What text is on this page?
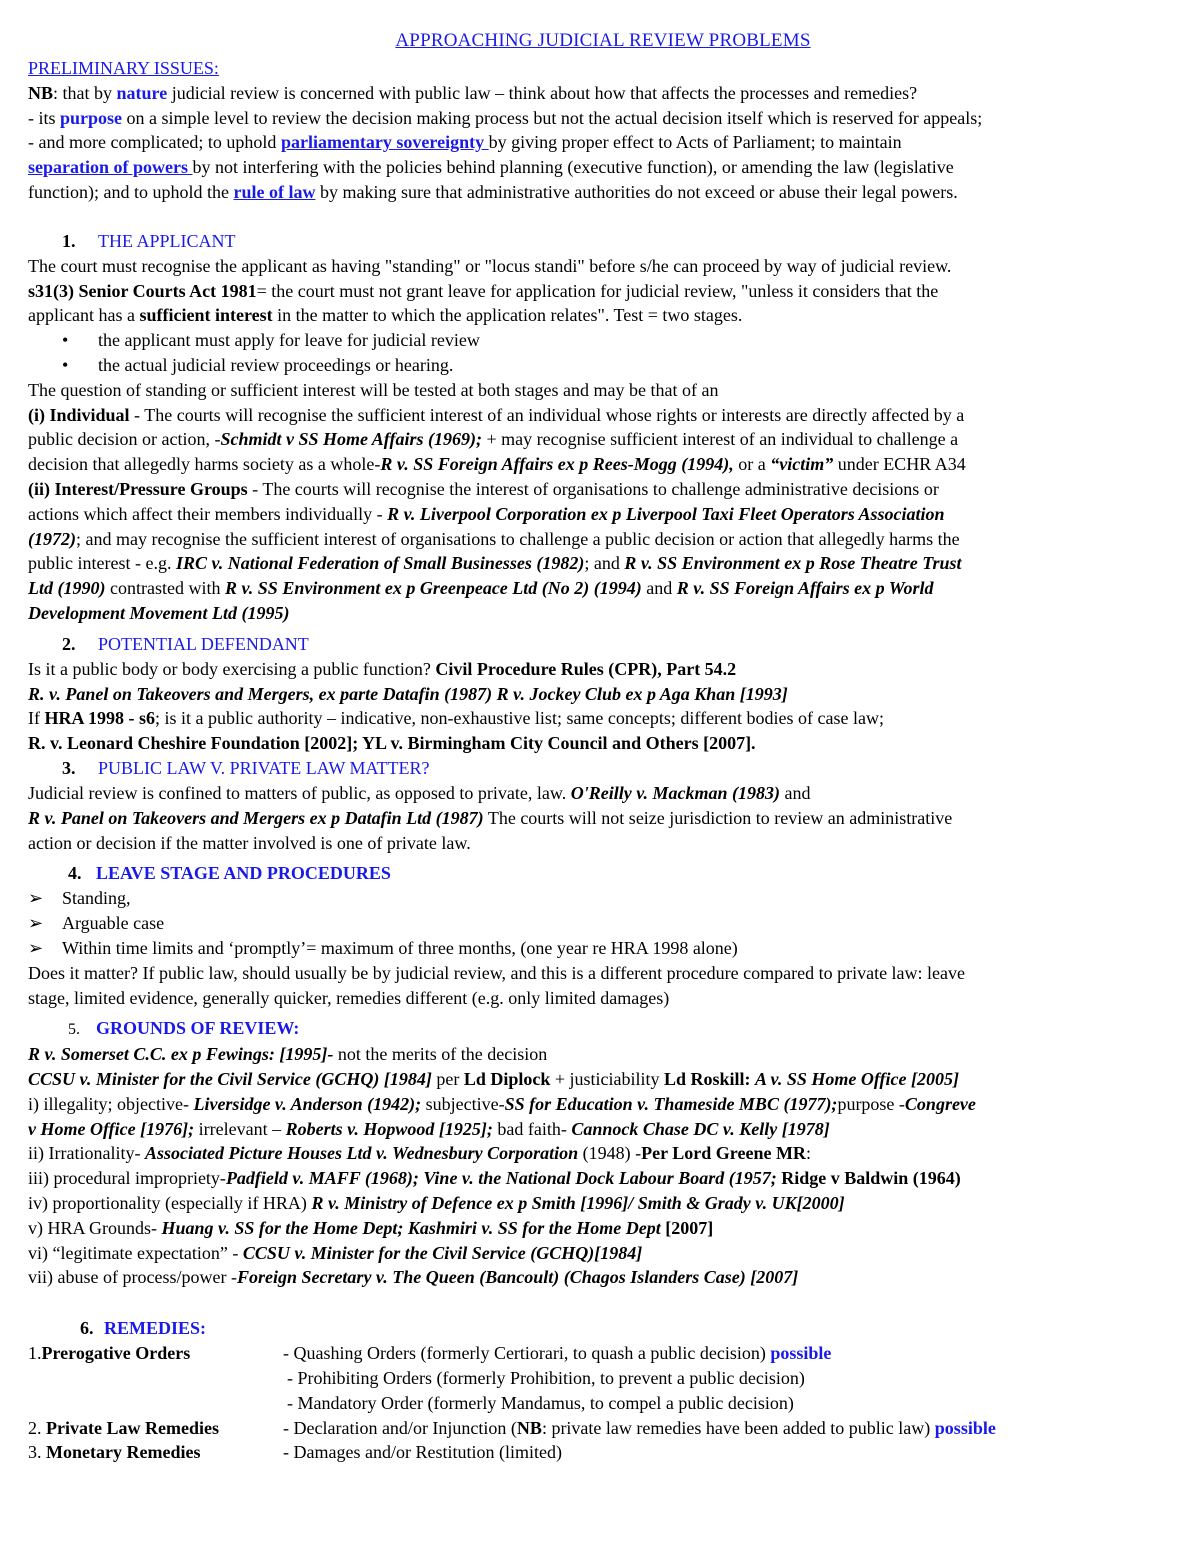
APPROACHING JUDICIAL REVIEW PROBLEMS
PRELIMINARY ISSUES:
NB: that by nature judicial review is concerned with public law – think about how that affects the processes and remedies?
- its purpose on a simple level to review the decision making process but not the actual decision itself which is reserved for appeals;
- and more complicated; to uphold parliamentary sovereignty by giving proper effect to Acts of Parliament; to maintain
separation of powers by not interfering with the policies behind planning (executive function), or amending the law (legislative
function); and to uphold the rule of law by making sure that administrative authorities do not exceed or abuse their legal powers.
1. THE APPLICANT
The court must recognise the applicant as having "standing" or "locus standi" before s/he can proceed by way of judicial review.
s31(3) Senior Courts Act 1981= the court must not grant leave for application for judicial review, "unless it considers that the
applicant has a sufficient interest in the matter to which the application relates". Test = two stages.
• the applicant must apply for leave for judicial review
• the actual judicial review proceedings or hearing.
The question of standing or sufficient interest will be tested at both stages and may be that of an
(i) Individual - The courts will recognise the sufficient interest of an individual whose rights or interests are directly affected by a
public decision or action, -Schmidt v SS Home Affairs (1969); + may recognise sufficient interest of an individual to challenge a
decision that allegedly harms society as a whole-R v. SS Foreign Affairs ex p Rees-Mogg (1994), or a “victim” under ECHR A34
(ii) Interest/Pressure Groups - The courts will recognise the interest of organisations to challenge administrative decisions or
actions which affect their members individually - R v. Liverpool Corporation ex p Liverpool Taxi Fleet Operators Association
(1972); and may recognise the sufficient interest of organisations to challenge a public decision or action that allegedly harms the
public interest - e.g. IRC v. National Federation of Small Businesses (1982); and R v. SS Environment ex p Rose Theatre Trust
Ltd (1990) contrasted with R v. SS Environment ex p Greenpeace Ltd (No 2) (1994) and R v. SS Foreign Affairs ex p World
Development Movement Ltd (1995)
2. POTENTIAL DEFENDANT
Is it a public body or body exercising a public function? Civil Procedure Rules (CPR), Part 54.2
R. v. Panel on Takeovers and Mergers, ex parte Datafin (1987) R v. Jockey Club ex p Aga Khan [1993]
If HRA 1998 - s6; is it a public authority – indicative, non-exhaustive list; same concepts; different bodies of case law;
R. v. Leonard Cheshire Foundation [2002]; YL v. Birmingham City Council and Others [2007].
3. PUBLIC LAW V. PRIVATE LAW MATTER?
Judicial review is confined to matters of public, as opposed to private, law. O'Reilly v. Mackman (1983) and
R v. Panel on Takeovers and Mergers ex p Datafin Ltd (1987) The courts will not seize jurisdiction to review an administrative
action or decision if the matter involved is one of private law.
4. LEAVE STAGE AND PROCEDURES
➢ Standing,
➢ Arguable case
➢ Within time limits and ‘promptly’= maximum of three months, (one year re HRA 1998 alone)
Does it matter? If public law, should usually be by judicial review, and this is a different procedure compared to private law: leave
stage, limited evidence, generally quicker, remedies different (e.g. only limited damages)
5. GROUNDS OF REVIEW:
R v. Somerset C.C. ex p Fewings: [1995]- not the merits of the decision
CCSU v. Minister for the Civil Service (GCHQ) [1984] per Ld Diplock + justiciability Ld Roskill: A v. SS Home Office [2005]
i) illegality; objective- Liversidge v. Anderson (1942); subjective-SS for Education v. Thameside MBC (1977);purpose -Congreve
v Home Office [1976]; irrelevant – Roberts v. Hopwood [1925]; bad faith- Cannock Chase DC v. Kelly [1978]
ii) Irrationality- Associated Picture Houses Ltd v. Wednesbury Corporation (1948) -Per Lord Greene MR:
iii) procedural impropriety-Padfield v. MAFF (1968); Vine v. the National Dock Labour Board (1957; Ridge v Baldwin (1964)
iv) proportionality (especially if HRA) R v. Ministry of Defence ex p Smith [1996]/ Smith & Grady v. UK[2000]
v) HRA Grounds- Huang v. SS for the Home Dept; Kashmiri v. SS for the Home Dept [2007]
vi) “legitimate expectation” - CCSU v. Minister for the Civil Service (GCHQ)[1984]
vii) abuse of process/power -Foreign Secretary v. The Queen (Bancoult) (Chagos Islanders Case) [2007]
6. REMEDIES:
1.Prerogative Orders	- Quashing Orders (formerly Certiorari, to quash a public decision) possible
- Prohibiting Orders (formerly Prohibition, to prevent a public decision)
- Mandatory Order (formerly Mandamus, to compel a public decision)
2. Private Law Remedies	- Declaration and/or Injunction (NB: private law remedies have been added to public law) possible
3. Monetary Remedies	- Damages and/or Restitution (limited)
